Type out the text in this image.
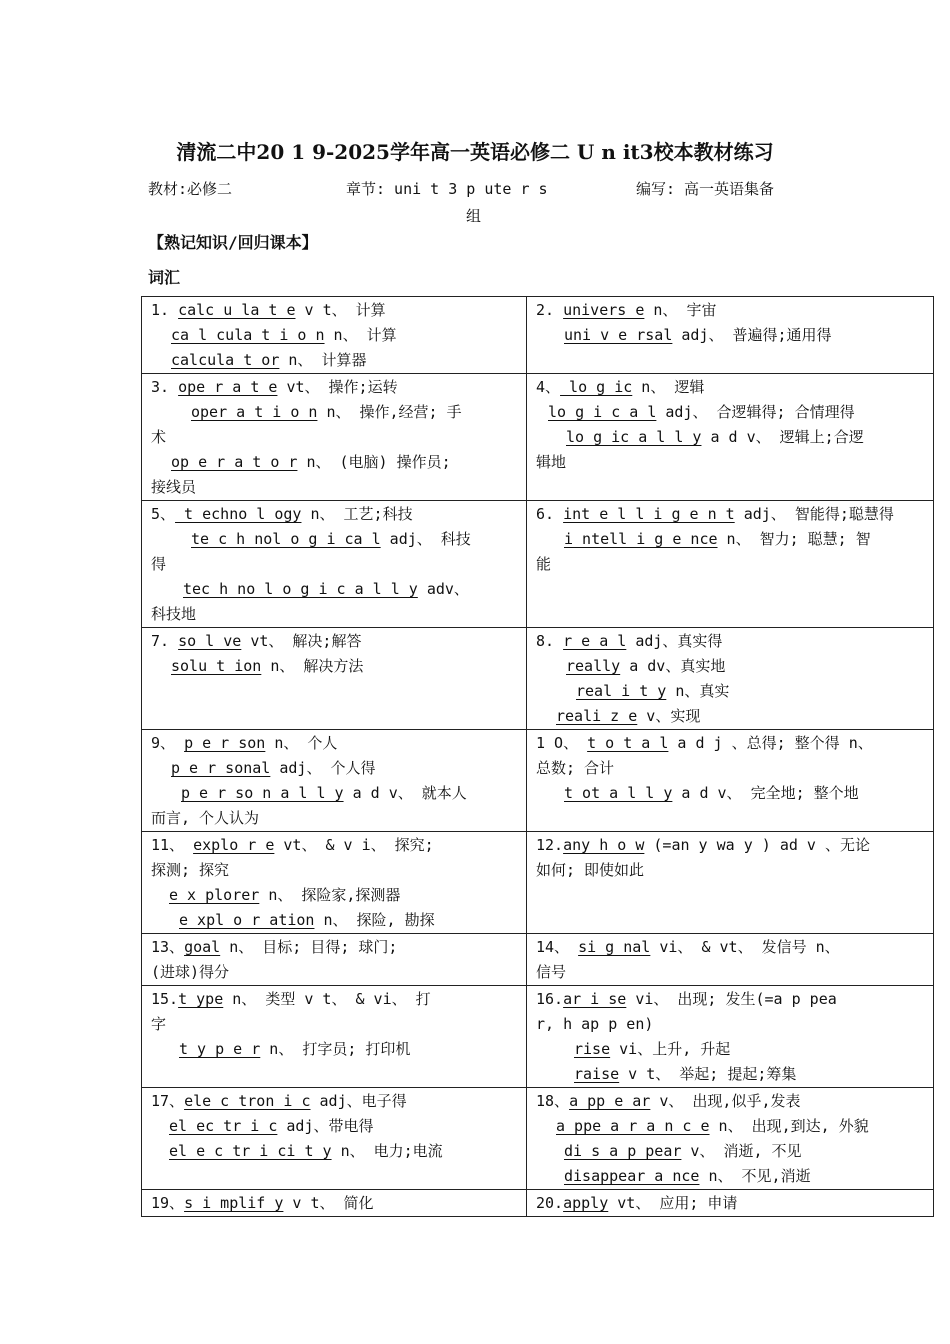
清流二中20 1 9-2025学年高一英语必修二 U n it3校本教材练习
教材:必修二	章节: uni t 3 p ute r s	编写: 高一英语集备
组
【熟记知识/回归课本】
词汇
1. calc u la t e v t、 计算
ca l cula t i o n n、 计算
calcula t or n、 计算器	2. univers e n、 宇宙
uni v e rsal adj、 普遍得;通用得

3. ope r a t e vt、 操作;运转
oper a t i o n n、 操作,经营; 手
术
op e r a t o r n、 (电脑) 操作员;
接线员	4、 lo g ic n、 逻辑
lo g i c a l adj、 合逻辑得; 合情理得
lo g ic a l l y a d v、 逻辑上;合逻
辑地

5、 t echno l ogy n、 工艺;科技
te c h nol o g i ca l adj、 科技
得
tec h no l o g i c a l l y adv、
科技地	6. int e l l i g e n t adj、 智能得;聪慧得
i ntell i g e nce n、 智力; 聪慧; 智
能

7. so l ve vt、 解决;解答
solu t ion n、 解决方法	8. r e a l adj、真实得
really a dv、真实地
real i t y n、真实
reali z e v、实现

9、 p e r son n、 个人
p e r sonal adj、 个人得
p e r so n a l l y a d v、 就本人
而言, 个人认为	1 O、 t o t a l a d j 、总得; 整个得 n、
总数; 合计
t ot a l l y a d v、 完全地; 整个地

11、 explo r e vt、 & v i、 探究;
探测; 探究
e x plorer n、 探险家,探测器
e xpl o r ation n、 探险, 勘探	12.any h o w (=an y wa y ) ad v 、无论
如何; 即使如此

13、goal n、 目标; 目得; 球门;
(进球)得分	14、 si g nal vi、 & vt、 发信号 n、
信号

15.t ype n、 类型 v t、 & vi、 打
字
t y p e r n、 打字员; 打印机	16.ar i se vi、 出现; 发生(=a p pea
r, h ap p en)
rise vi、上升, 升起
raise v t、 举起; 提起;筹集

17、ele c tron i c adj、电子得
el ec tr i c adj、带电得
el e c tr i ci t y n、 电力;电流	18、a pp e ar v、 出现,似乎,发表
a ppe a r a n c e n、 出现,到达, 外貌
di s a p pear v、 消逝, 不见
disappear a nce n、 不见,消逝

19、s i mplif y v t、 简化	20.apply vt、 应用; 申请
